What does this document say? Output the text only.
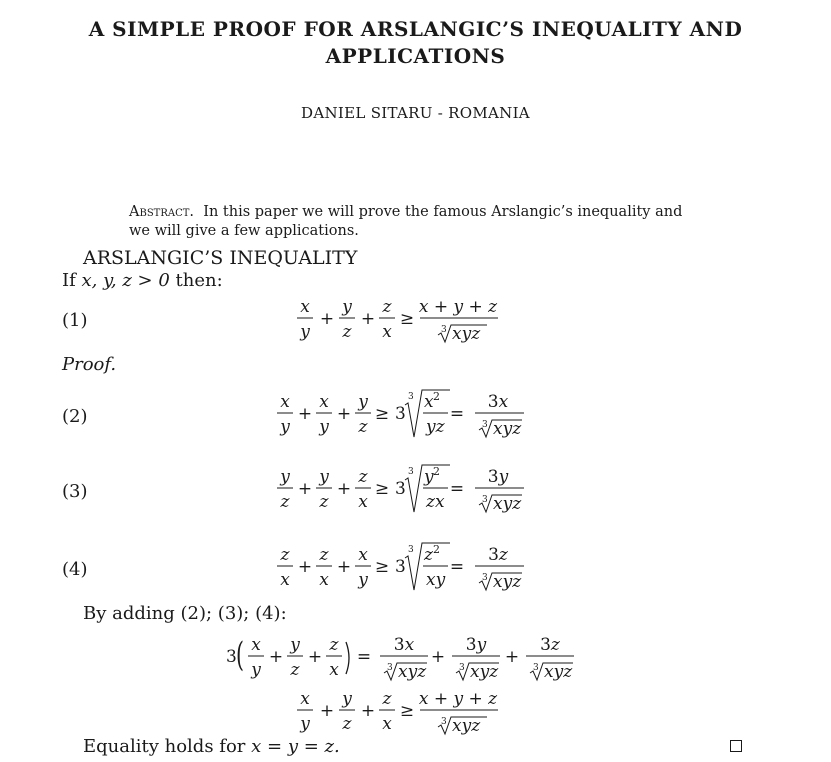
A SIMPLE PROOF FOR ARSLANGIC’S INEQUALITY AND
APPLICATIONS
DANIEL SITARU - ROMANIA
Abstract. In this paper we will prove the famous Arslangic’s inequality and
we will give a few applications.
ARSLANGIC’S INEQUALITY
If x, y, z > 0 then:
(1)
x
y
+
y
z
+
z
x
≥
x + y + z
3 xyz
Proof.
(2)
x
y
+
x
y
+
y
z
≥ 3
3 x 2
yz
=
3x
3 xyz
(3)
y
z
+
y
z
+
z
x
≥ 3
3 y 2
zx
=
3y
3 xyz
(4)
z
x
+
z
x
+
x
y
≥ 3
3 z 2
xy
=
3z
3 xyz
By adding (2); (3); (4):
3 ( x
y
+
y
z
+
z
x
=
3x
3 xyz
+
3y
3 xyz
+
3z
3 xyz
x
y
+
y
z
+
z
x
≥
x + y + z
3 xyz
Equality holds for x = y = z.
